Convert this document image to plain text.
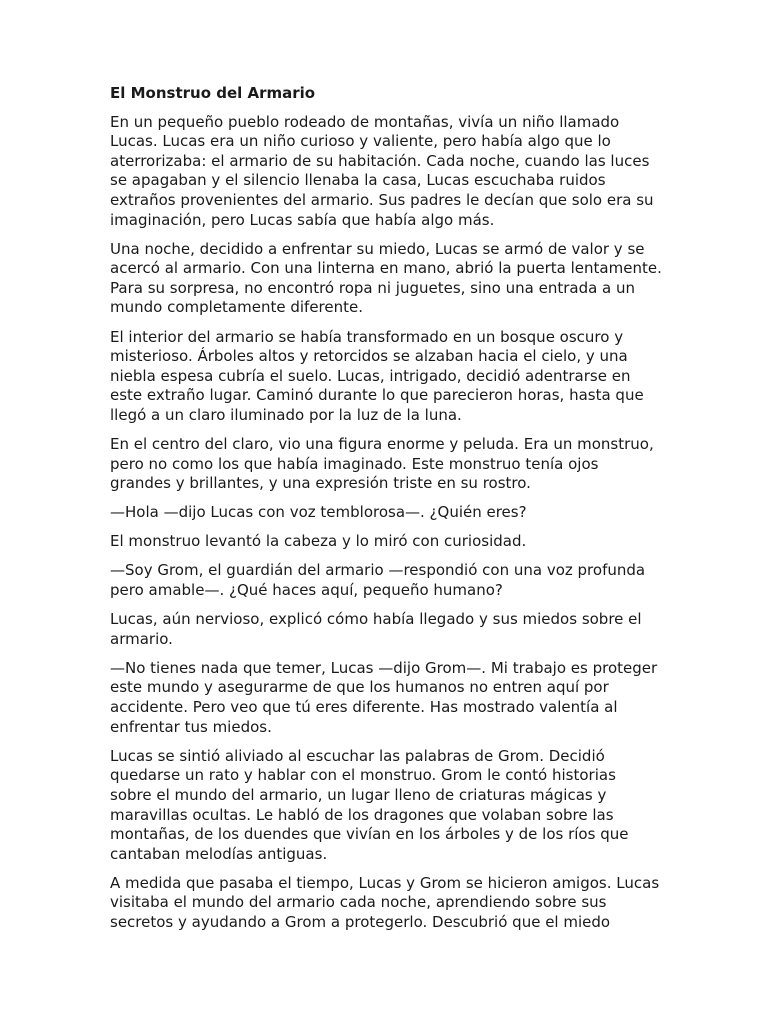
El Monstruo del Armario

En un pequeño pueblo rodeado de montañas, vivía un niño llamado Lucas. Lucas era un niño curioso y valiente, pero había algo que lo aterrorizaba: el armario de su habitación. Cada noche, cuando las luces se apagaban y el silencio llenaba la casa, Lucas escuchaba ruidos extraños provenientes del armario. Sus padres le decían que solo era su imaginación, pero Lucas sabía que había algo más.

Una noche, decidido a enfrentar su miedo, Lucas se armó de valor y se acercó al armario. Con una linterna en mano, abrió la puerta lentamente. Para su sorpresa, no encontró ropa ni juguetes, sino una entrada a un mundo completamente diferente.

El interior del armario se había transformado en un bosque oscuro y misterioso. Árboles altos y retorcidos se alzaban hacia el cielo, y una niebla espesa cubría el suelo. Lucas, intrigado, decidió adentrarse en este extraño lugar. Caminó durante lo que parecieron horas, hasta que llegó a un claro iluminado por la luz de la luna.

En el centro del claro, vio una figura enorme y peluda. Era un monstruo, pero no como los que había imaginado. Este monstruo tenía ojos grandes y brillantes, y una expresión triste en su rostro.

—Hola —dijo Lucas con voz temblorosa—. ¿Quién eres?

El monstruo levantó la cabeza y lo miró con curiosidad.

—Soy Grom, el guardián del armario —respondió con una voz profunda pero amable—. ¿Qué haces aquí, pequeño humano?

Lucas, aún nervioso, explicó cómo había llegado y sus miedos sobre el armario.

—No tienes nada que temer, Lucas —dijo Grom—. Mi trabajo es proteger este mundo y asegurarme de que los humanos no entren aquí por accidente. Pero veo que tú eres diferente. Has mostrado valentía al enfrentar tus miedos.

Lucas se sintió aliviado al escuchar las palabras de Grom. Decidió quedarse un rato y hablar con el monstruo. Grom le contó historias sobre el mundo del armario, un lugar lleno de criaturas mágicas y maravillas ocultas. Le habló de los dragones que volaban sobre las montañas, de los duendes que vivían en los árboles y de los ríos que cantaban melodías antiguas.

A medida que pasaba el tiempo, Lucas y Grom se hicieron amigos. Lucas visitaba el mundo del armario cada noche, aprendiendo sobre sus secretos y ayudando a Grom a protegerlo. Descubrió que el miedo
